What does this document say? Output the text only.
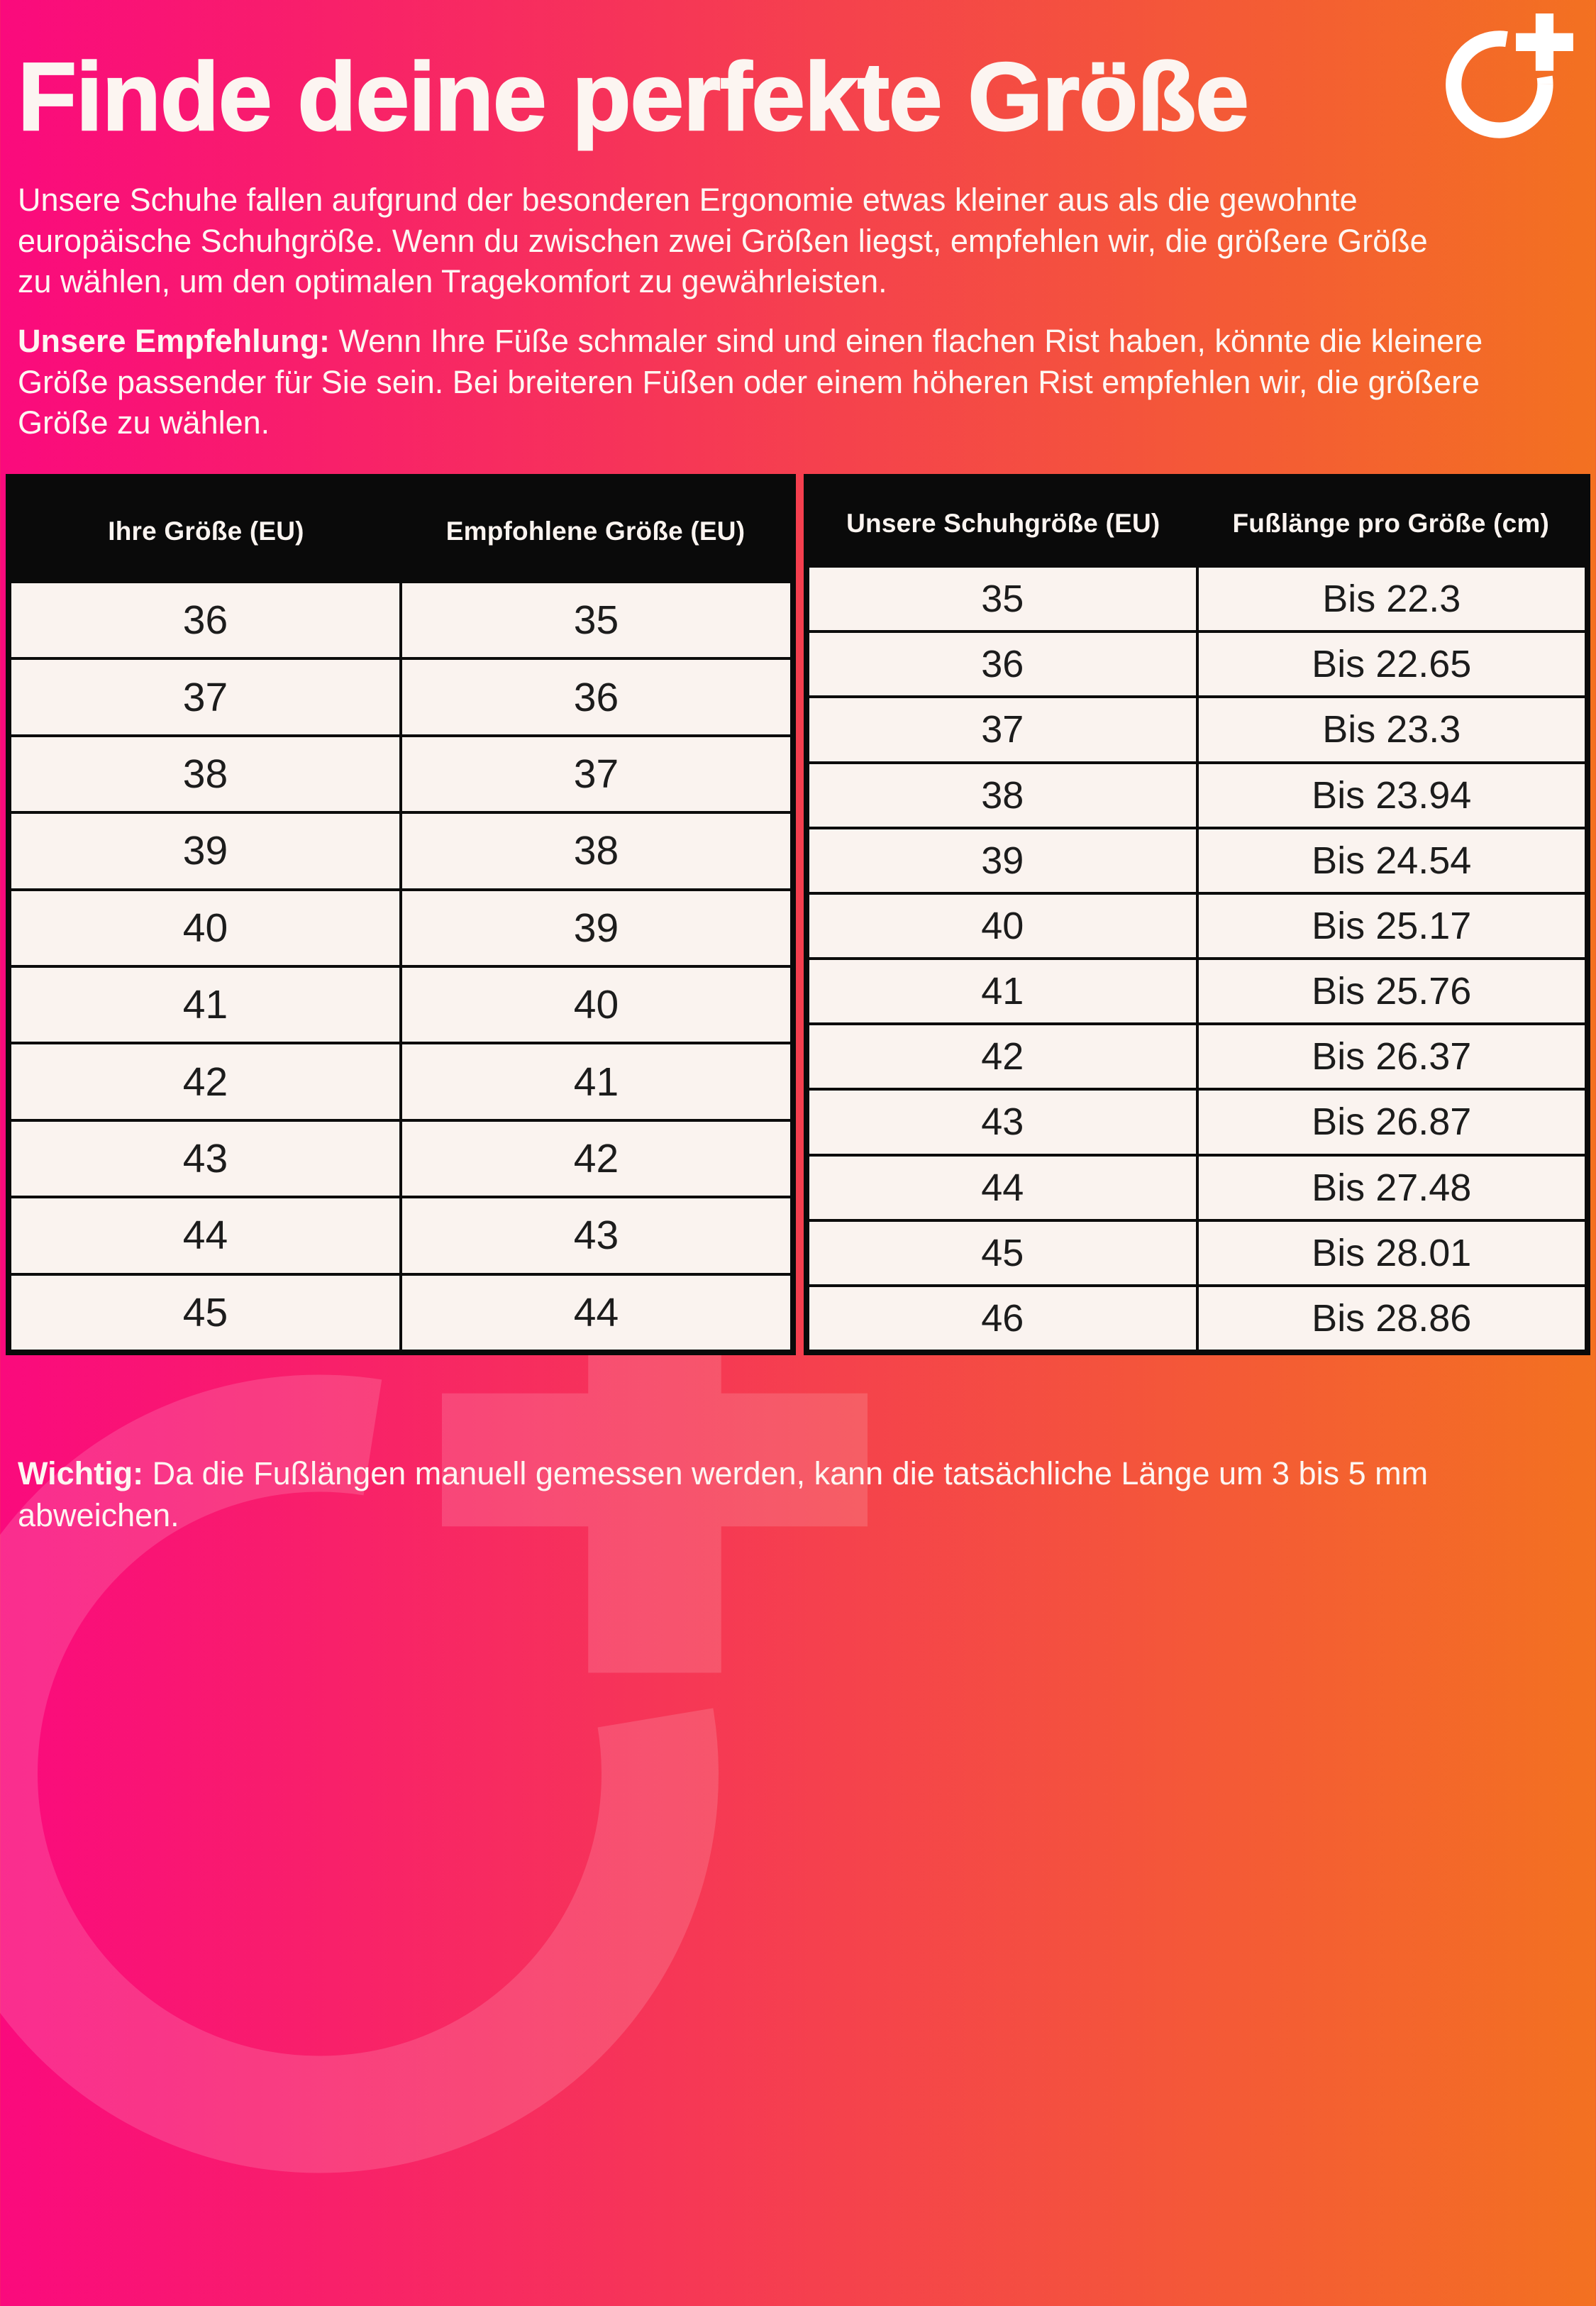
Finde deine perfekte Größe
Unsere Schuhe fallen aufgrund der besonderen Ergonomie etwas kleiner aus als die gewohnte europäische Schuhgröße. Wenn du zwischen zwei Größen liegst, empfehlen wir, die größere Größe zu wählen, um den optimalen Tragekomfort zu gewährleisten.
Unsere Empfehlung: Wenn Ihre Füße schmaler sind und einen flachen Rist haben, könnte die kleinere Größe passender für Sie sein. Bei breiteren Füßen oder einem höheren Rist empfehlen wir, die größere Größe zu wählen.
Ihre Größe (EU)	Empfohlene Größe (EU)
36	35
37	36
38	37
39	38
40	39
41	40
42	41
43	42
44	43
45	44
Unsere Schuhgröße (EU)	Fußlänge pro Größe (cm)
35	Bis 22.3
36	Bis 22.65
37	Bis 23.3
38	Bis 23.94
39	Bis 24.54
40	Bis 25.17
41	Bis 25.76
42	Bis 26.37
43	Bis 26.87
44	Bis 27.48
45	Bis 28.01
46	Bis 28.86
Wichtig: Da die Fußlängen manuell gemessen werden, kann die tatsächliche Länge um 3 bis 5 mm abweichen.
